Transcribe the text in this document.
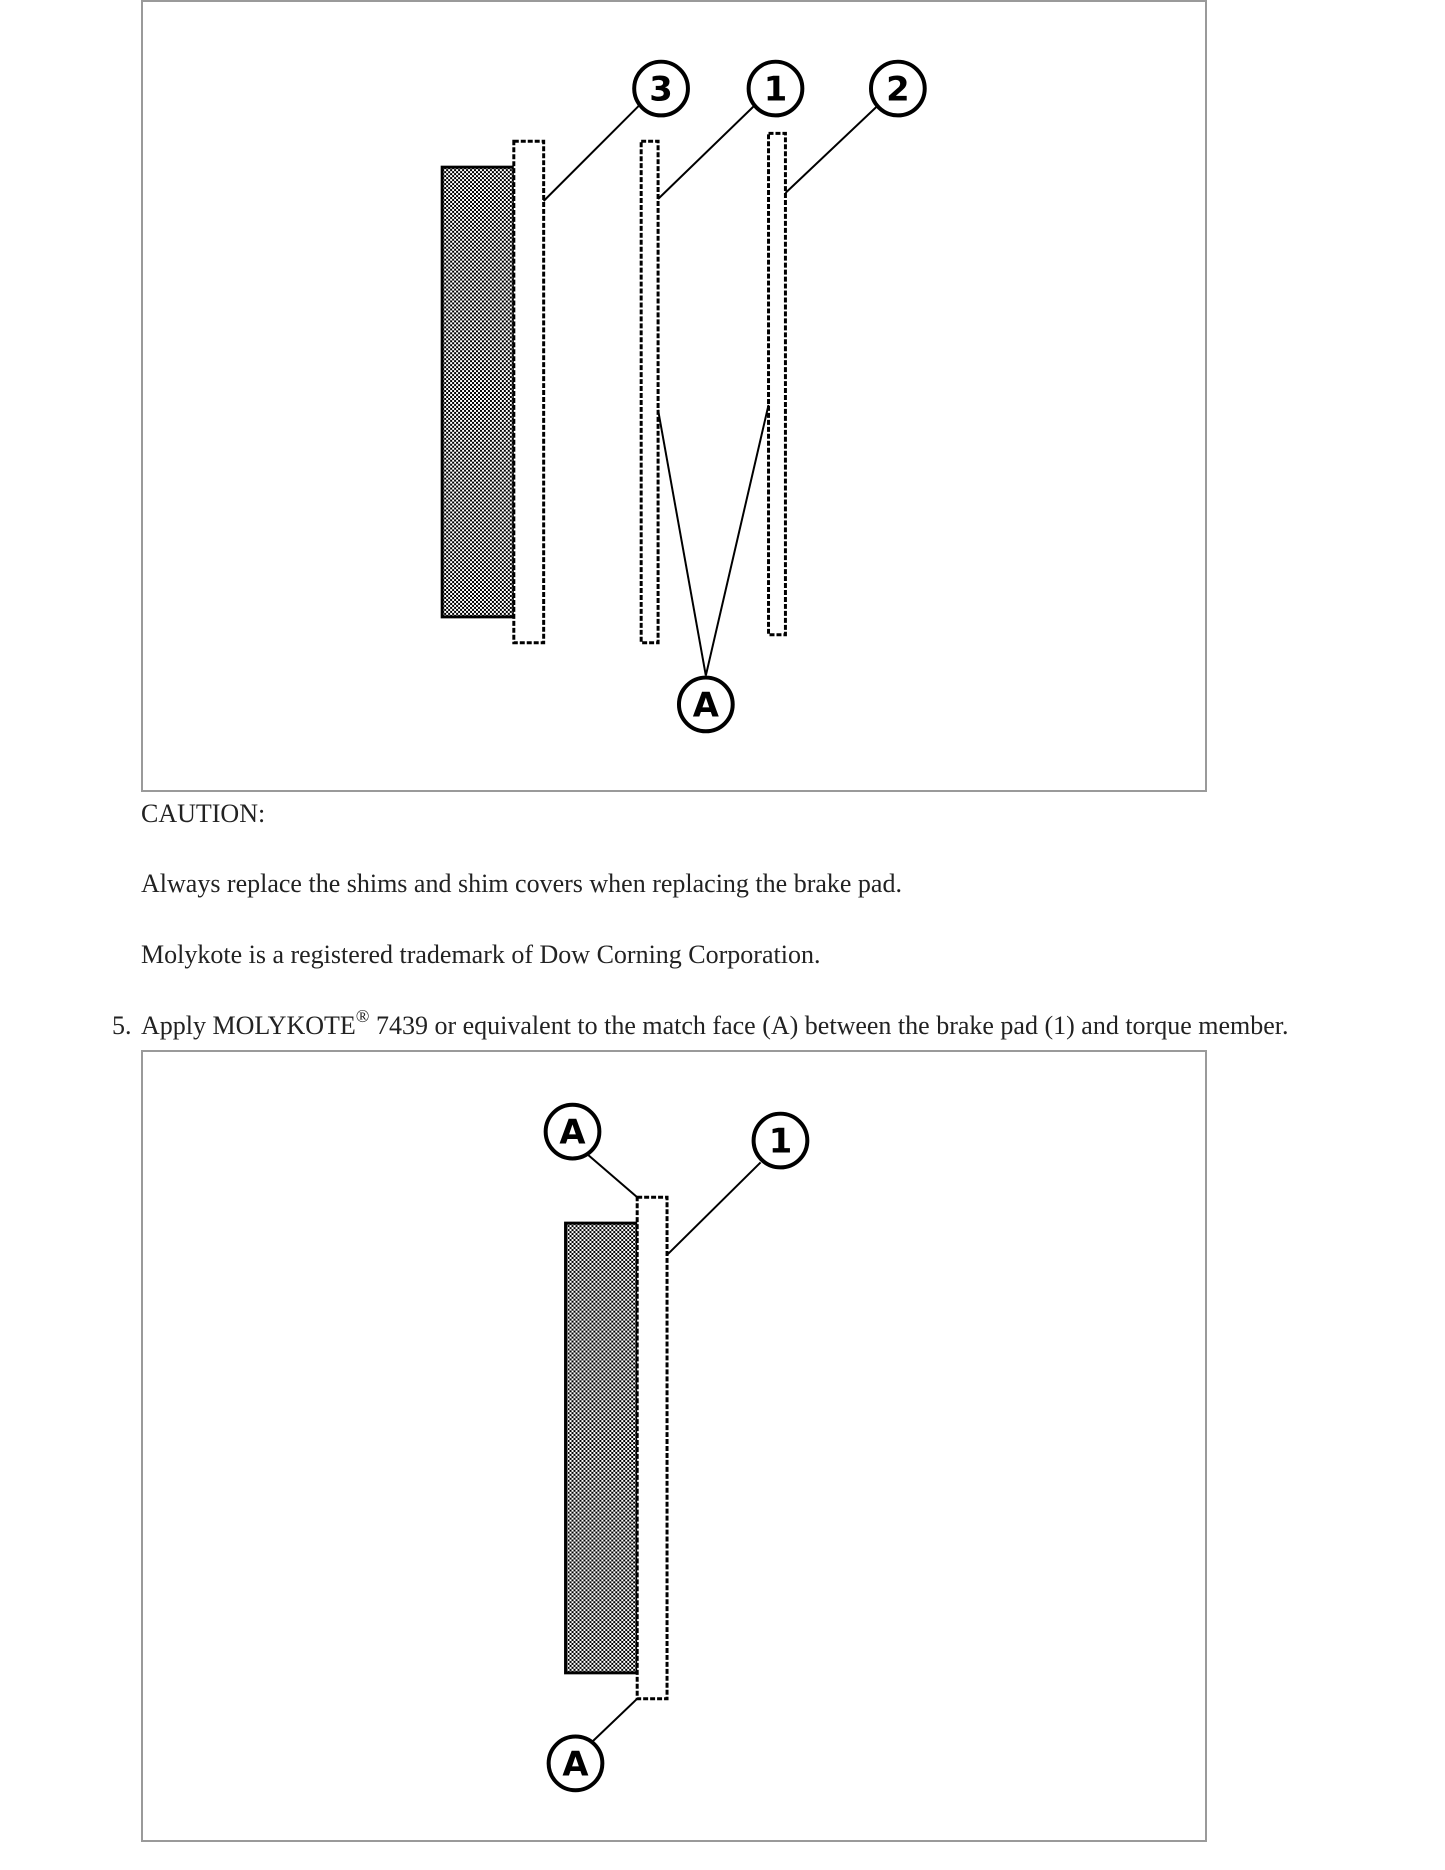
3	1	2
A
CAUTION:
Always replace the shims and shim covers when replacing the brake pad.
Molykote is a registered trademark of Dow Corning Corporation.
5. Apply MOLYKOTE® 7439 or equivalent to the match face (A) between the brake pad (1) and torque member.
A	1
A
